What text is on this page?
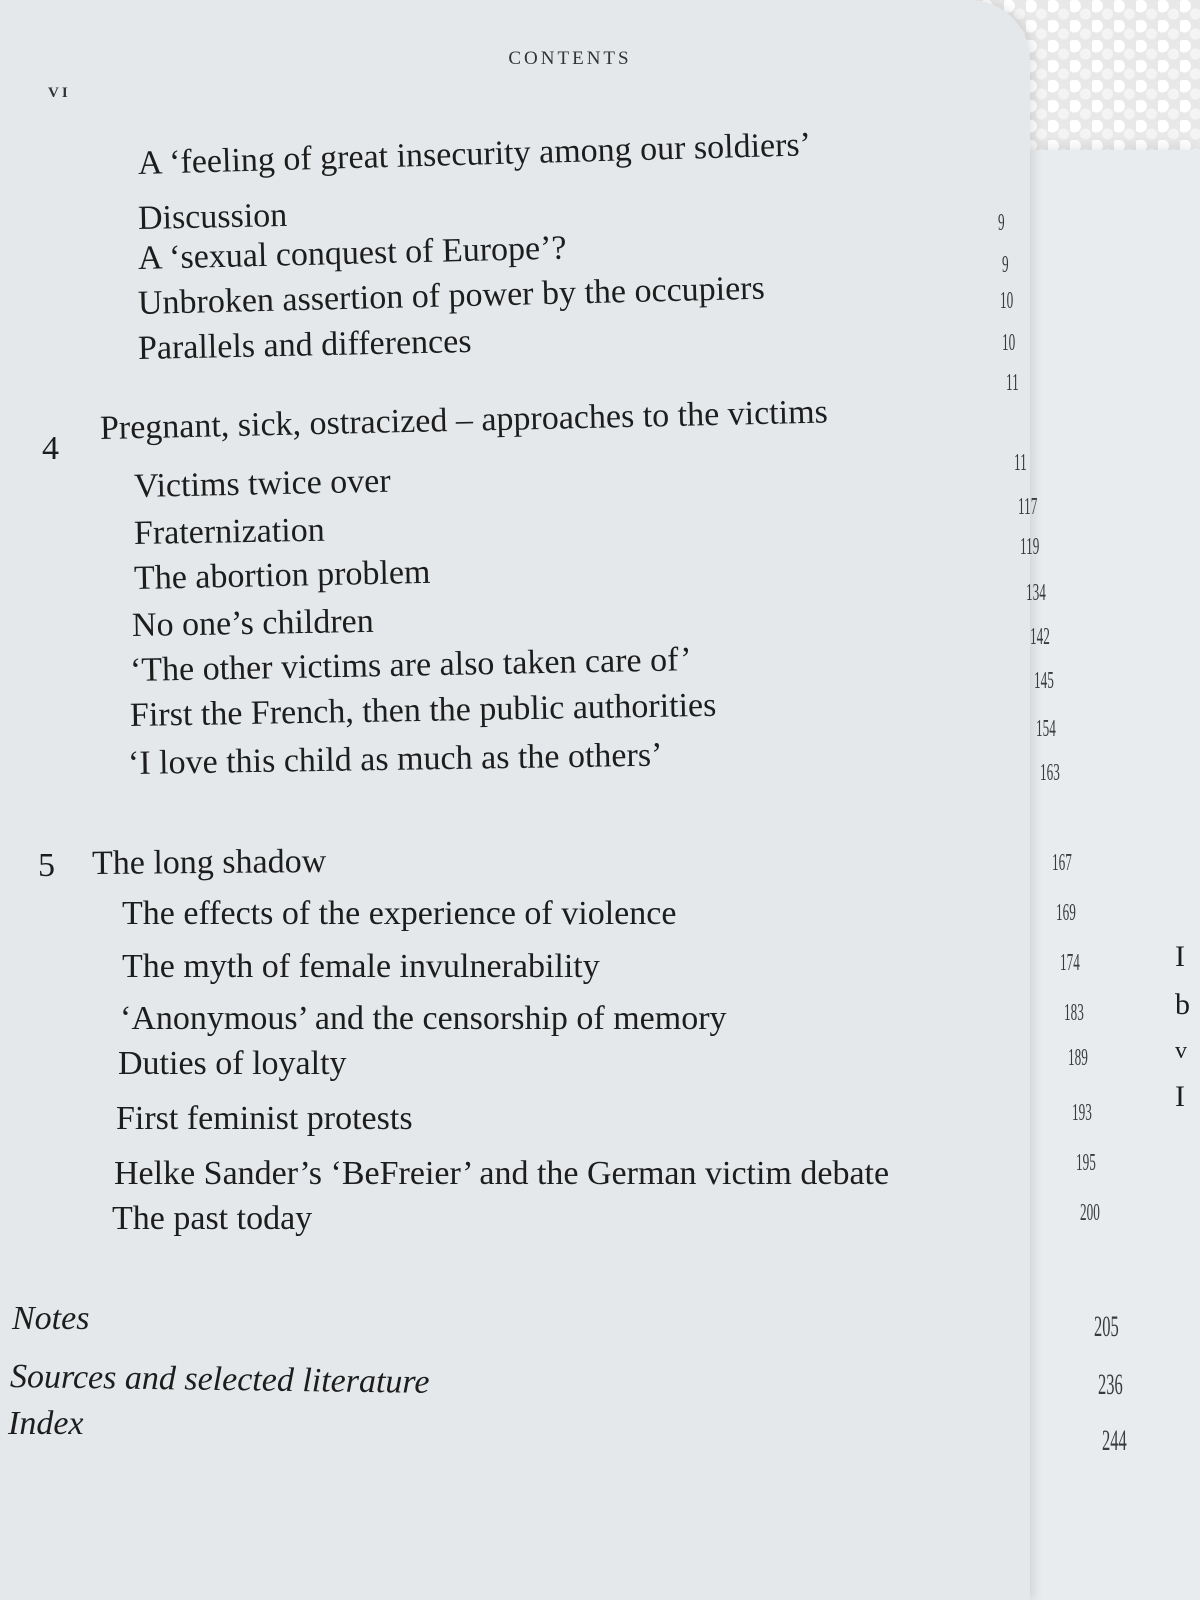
I
b
v
I
CONTENTS
VI
A ‘feeling of great insecurity among our soldiers’
Discussion
A ‘sexual conquest of Europe’?
Unbroken assertion of power by the occupiers
Parallels and differences
9
9
10
10
11
4
Pregnant, sick, ostracized – approaches to the victims
Victims twice over
Fraternization
The abortion problem
No one’s children
‘The other victims are also taken care of’
First the French, then the public authorities
‘I love this child as much as the others’
11
117
119
134
142
145
154
163
5 The long shadow	167
The effects of the experience of violence
The myth of female invulnerability
‘Anonymous’ and the censorship of memory
Duties of loyalty
First feminist protests
Helke Sander’s ‘BeFreier’ and the German victim debate
The past today
169
174
183
189
193
195
200
Notes
Sources and selected literature
Index
205
236
244
